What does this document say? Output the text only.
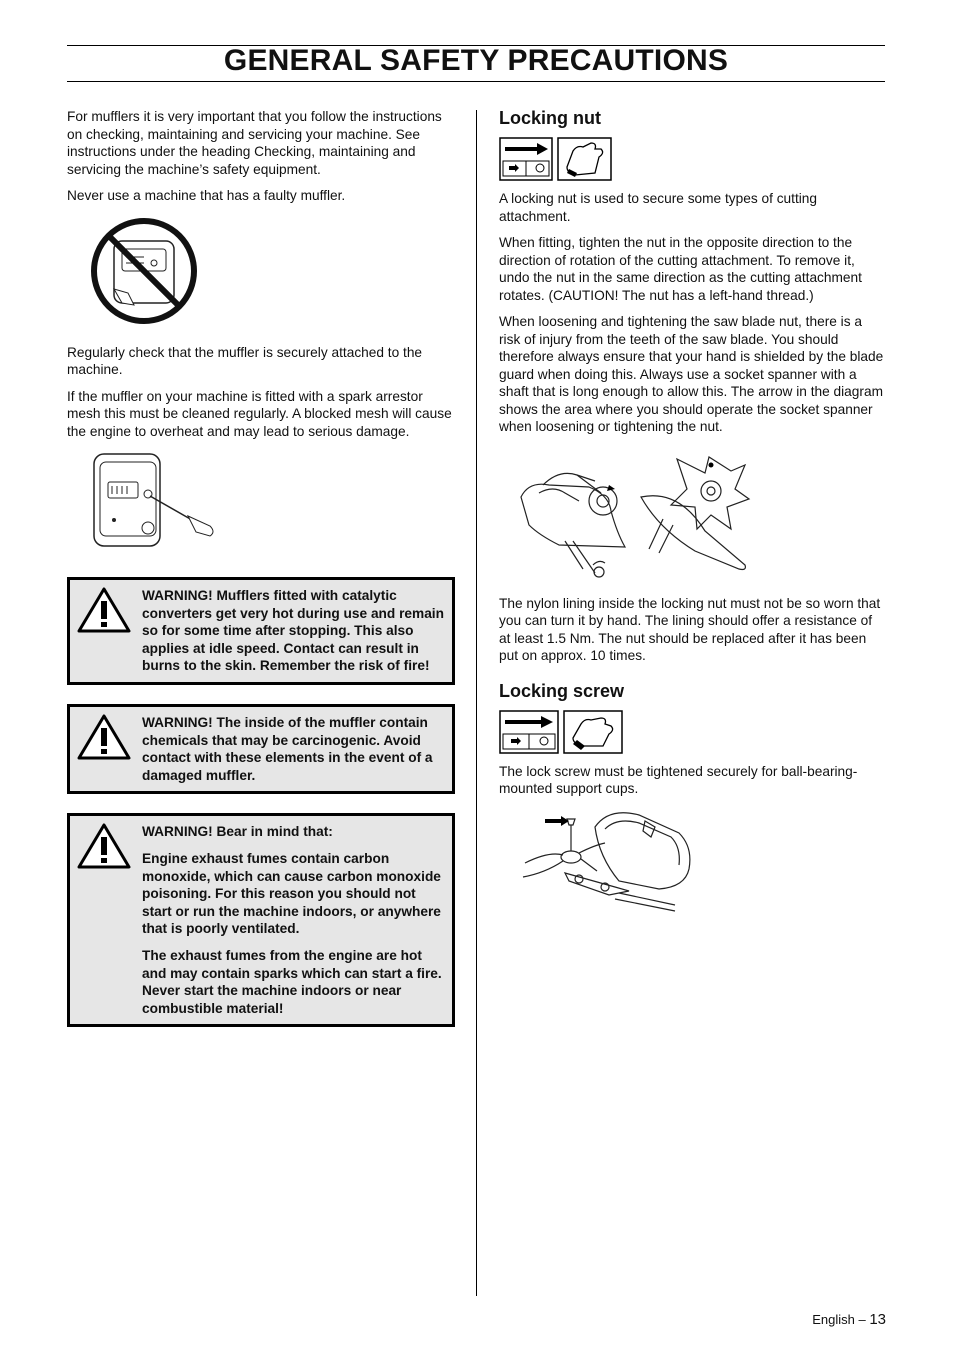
GENERAL SAFETY PRECAUTIONS

For mufflers it is very important that you follow the instructions on checking, maintaining and servicing your machine. See instructions under the heading Checking, maintaining and servicing the machine’s safety equipment.

Never use a machine that has a faulty muffler.

Regularly check that the muffler is securely attached to the machine.

If the muffler on your machine is fitted with a spark arrestor mesh this must be cleaned regularly. A blocked mesh will cause the engine to overheat and may lead to serious damage.

WARNING! Mufflers fitted with catalytic converters get very hot during use and remain so for some time after stopping. This also applies at idle speed. Contact can result in burns to the skin. Remember the risk of fire!

WARNING! The inside of the muffler contain chemicals that may be carcinogenic. Avoid contact with these elements in the event of a damaged muffler.

WARNING! Bear in mind that:

Engine exhaust fumes contain carbon monoxide, which can cause carbon monoxide poisoning. For this reason you should not start or run the machine indoors, or anywhere that is poorly ventilated.

The exhaust fumes from the engine are hot and may contain sparks which can start a fire. Never start the machine indoors or near combustible material!

Locking nut

A locking nut is used to secure some types of cutting attachment.

When fitting, tighten the nut in the opposite direction to the direction of rotation of the cutting attachment. To remove it, undo the nut in the same direction as the cutting attachment rotates. (CAUTION! The nut has a left-hand thread.)

When loosening and tightening the saw blade nut, there is a risk of injury from the teeth of the saw blade. You should therefore always ensure that your hand is shielded by the blade guard when doing this. Always use a socket spanner with a shaft that is long enough to allow this. The arrow in the diagram shows the area where you should operate the socket spanner when loosening or tightening the nut.

The nylon lining inside the locking nut must not be so worn that you can turn it by hand. The lining should offer a resistance of at least 1.5 Nm. The nut should be replaced after it has been put on approx. 10 times.

Locking screw

The lock screw must be tightened securely for ball-bearing-mounted support cups.

English – 13
